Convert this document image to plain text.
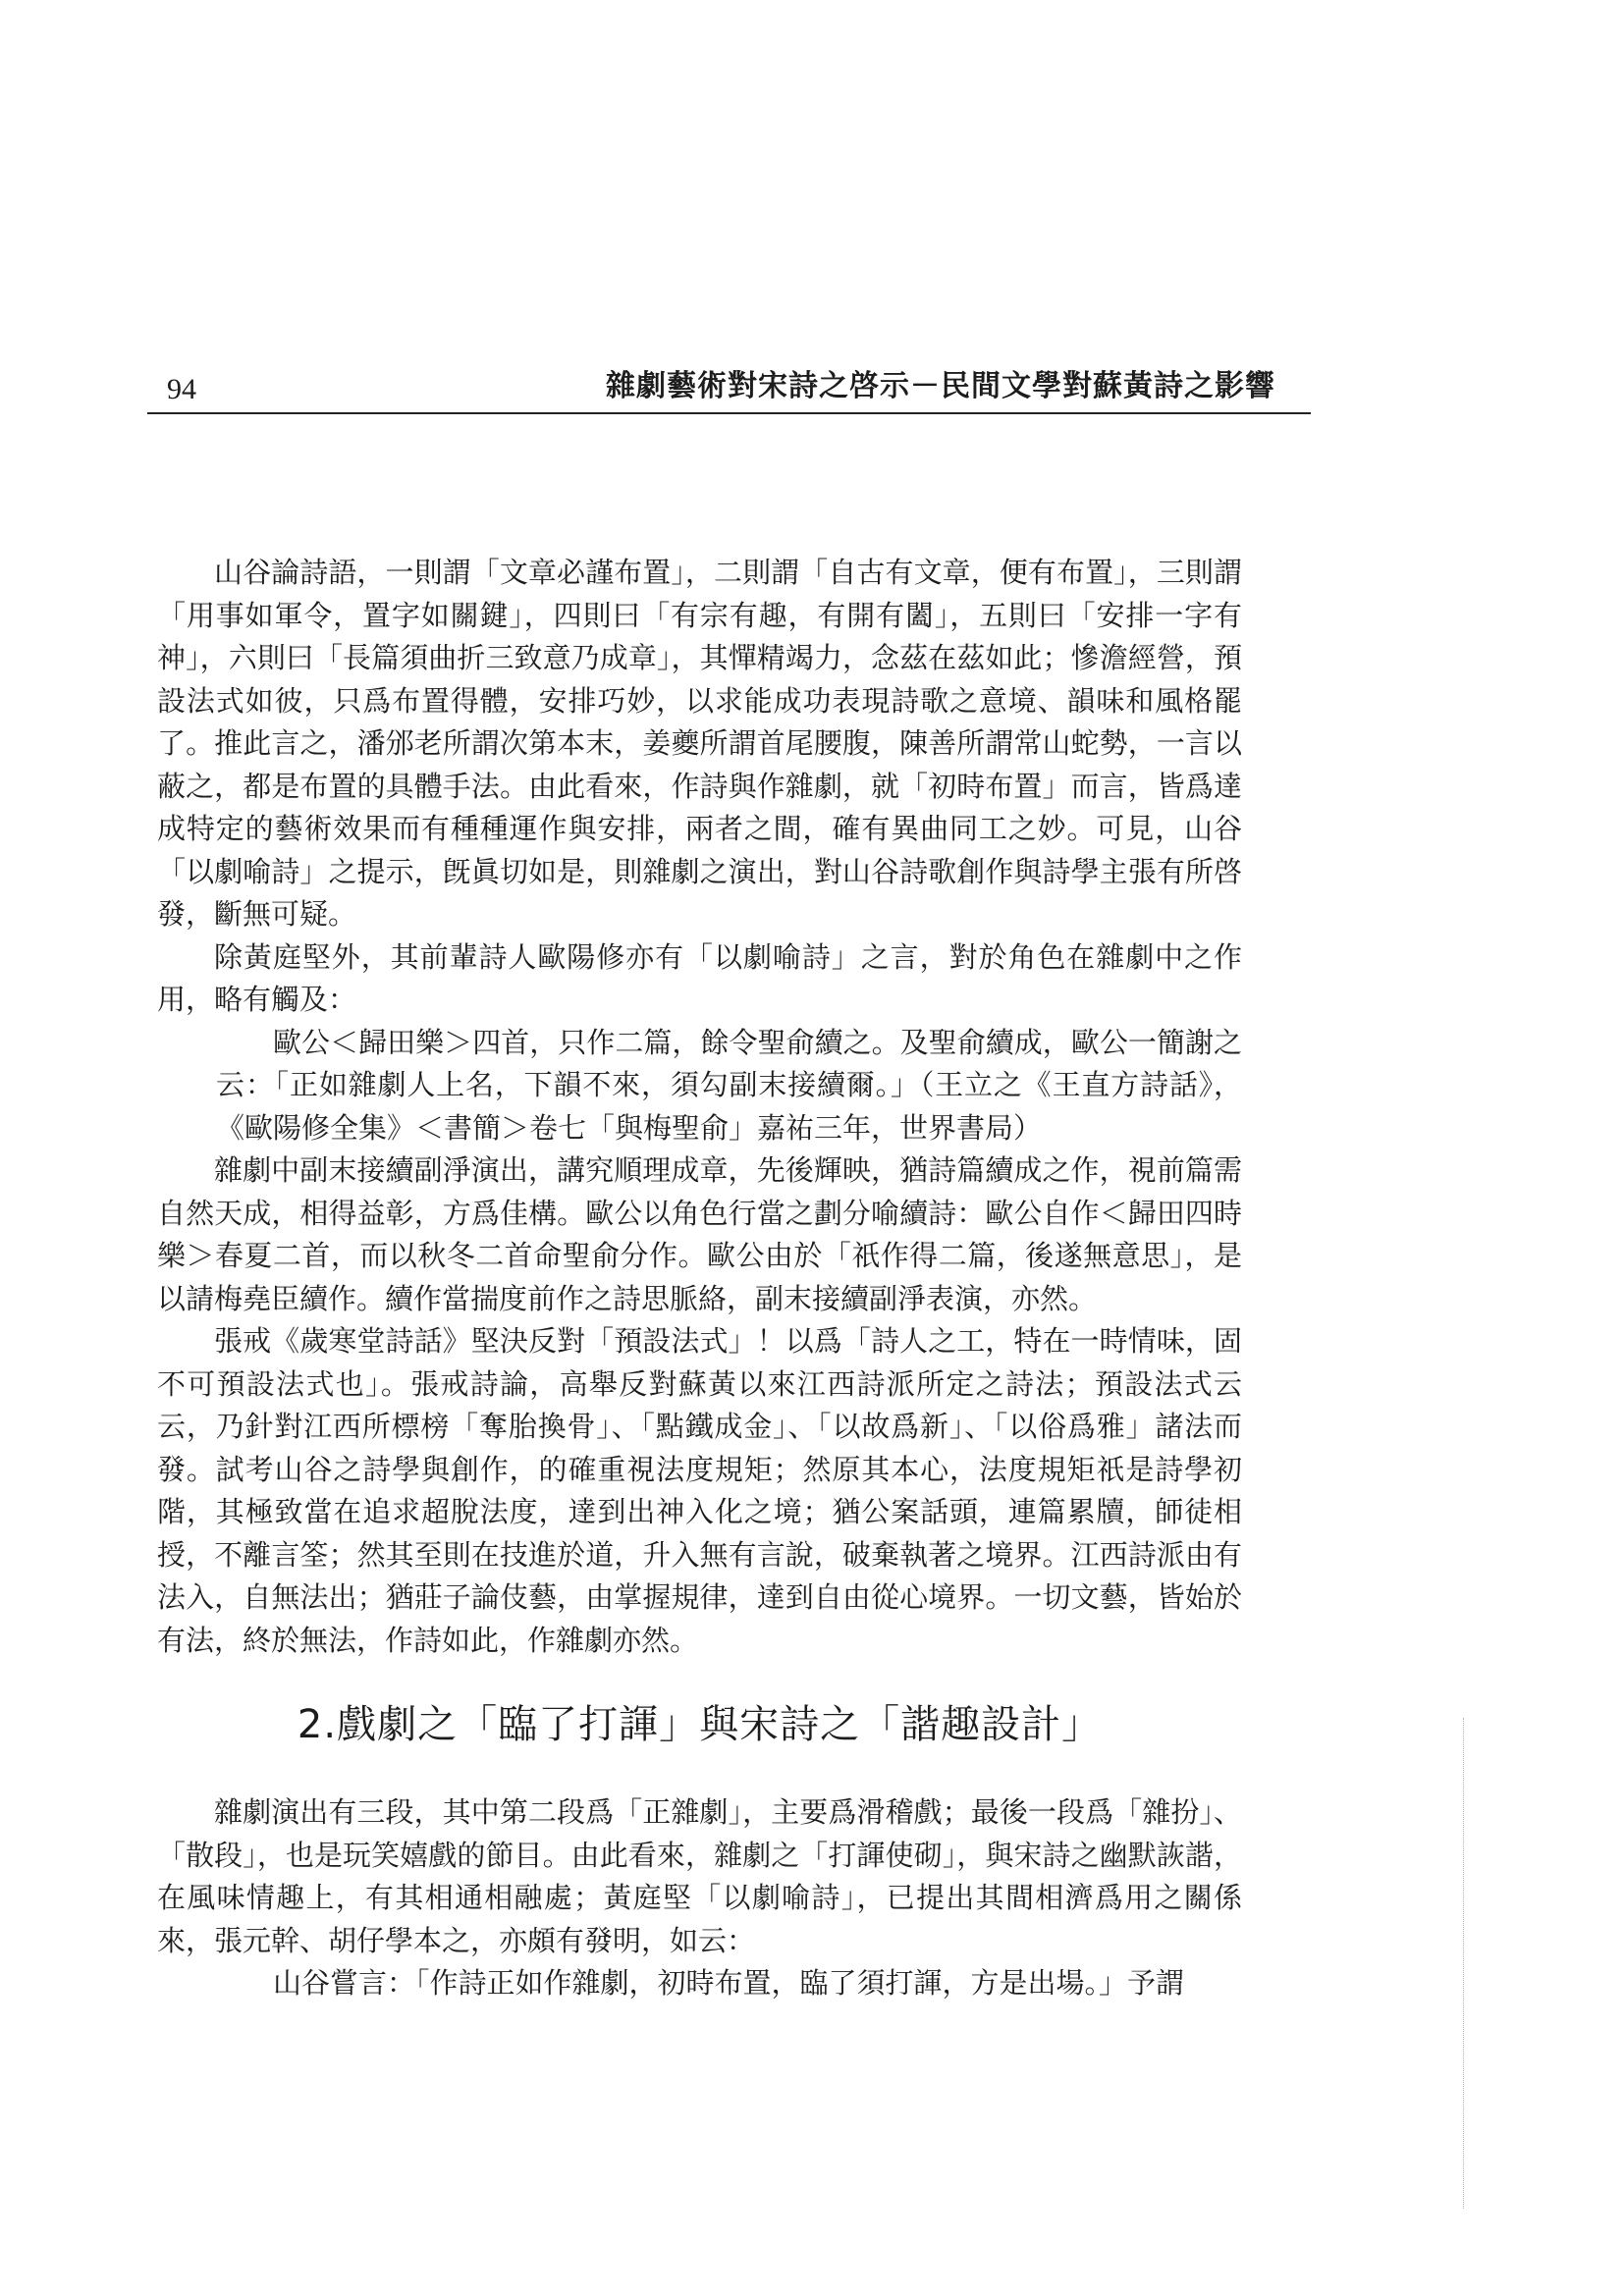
94	雜劇藝術對宋詩之啓示－民間文學對蘇黃詩之影響

山谷論詩語，一則謂「文章必謹布置」，二則謂「自古有文章，便有布置」，三則謂「用事如軍令，置字如關鍵」，四則曰「有宗有趣，有開有闔」，五則曰「安排一字有神」，六則曰「長篇須曲折三致意乃成章」，其憚精竭力，念茲在茲如此；慘澹經營，預設法式如彼，只爲布置得體，安排巧妙，以求能成功表現詩歌之意境、韻味和風格罷了。推此言之，潘邠老所謂次第本末，姜夔所謂首尾腰腹，陳善所謂常山蛇勢，一言以蔽之，都是布置的具體手法。由此看來，作詩與作雜劇，就「初時布置」而言，皆爲達成特定的藝術效果而有種種運作與安排，兩者之間，確有異曲同工之妙。可見，山谷「以劇喻詩」之提示，旣眞切如是，則雜劇之演出，對山谷詩歌創作與詩學主張有所啓發，斷無可疑。

除黃庭堅外，其前輩詩人歐陽修亦有「以劇喻詩」之言，對於角色在雜劇中之作用，略有觸及：

歐公＜歸田樂＞四首，只作二篇，餘令聖俞續之。及聖俞續成，歐公一簡謝之云：「正如雜劇人上名，下韻不來，須勾副末接續爾。」（王立之《王直方詩話》，《歐陽修全集》＜書簡＞卷七「與梅聖俞」嘉祐三年，世界書局）

雜劇中副末接續副淨演出，講究順理成章，先後輝映，猶詩篇續成之作，視前篇需自然天成，相得益彰，方爲佳構。歐公以角色行當之劃分喻續詩：歐公自作＜歸田四時樂＞春夏二首，而以秋冬二首命聖俞分作。歐公由於「祇作得二篇，後遂無意思」，是以請梅堯臣續作。續作當揣度前作之詩思脈絡，副末接續副淨表演，亦然。

張戒《歲寒堂詩話》堅決反對「預設法式」！以爲「詩人之工，特在一時情味，固不可預設法式也」。張戒詩論，高舉反對蘇黃以來江西詩派所定之詩法；預設法式云云，乃針對江西所標榜「奪胎換骨」、「點鐵成金」、「以故爲新」、「以俗爲雅」諸法而發。試考山谷之詩學與創作，的確重視法度規矩；然原其本心，法度規矩祇是詩學初階，其極致當在追求超脫法度，達到出神入化之境；猶公案話頭，連篇累牘，師徒相授，不離言筌；然其至則在技進於道，升入無有言說，破棄執著之境界。江西詩派由有法入，自無法出；猶莊子論伎藝，由掌握規律，達到自由從心境界。一切文藝，皆始於有法，終於無法，作詩如此，作雜劇亦然。

2.戲劇之「臨了打諢」與宋詩之「諧趣設計」

雜劇演出有三段，其中第二段爲「正雜劇」，主要爲滑稽戲；最後一段爲「雜扮」、「散段」，也是玩笑嬉戲的節目。由此看來，雜劇之「打諢使砌」，與宋詩之幽默詼諧，在風味情趣上，有其相通相融處；黃庭堅「以劇喻詩」，已提出其間相濟爲用之關係來，張元幹、胡仔學本之，亦頗有發明，如云：

山谷嘗言：「作詩正如作雜劇，初時布置，臨了須打諢，方是出場。」予謂
